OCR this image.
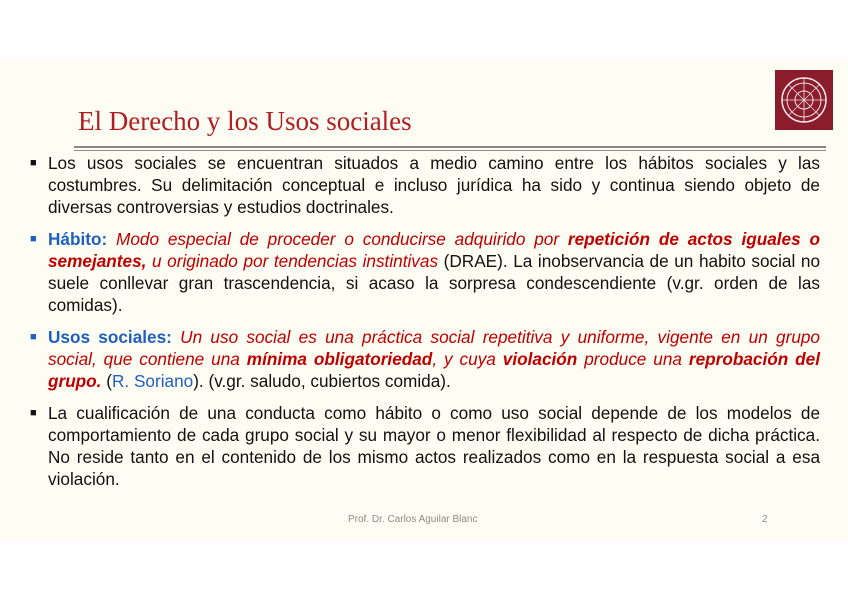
El Derecho y los Usos sociales
■ Los usos sociales se encuentran situados a medio camino entre los hábitos sociales y las costumbres. Su delimitación conceptual e incluso jurídica ha sido y continua siendo objeto de diversas controversias y estudios doctrinales.
■ Hábito: Modo especial de proceder o conducirse adquirido por repetición de actos iguales o semejantes, u originado por tendencias instintivas (DRAE). La inobservancia de un habito social no suele conllevar gran trascendencia, si acaso la sorpresa condescendiente (v.gr. orden de las comidas).
■ Usos sociales: Un uso social es una práctica social repetitiva y uniforme, vigente en un grupo social, que contiene una mínima obligatoriedad, y cuya violación produce una reprobación del grupo. (R. Soriano). (v.gr. saludo, cubiertos comida).
■ La cualificación de una conducta como hábito o como uso social depende de los modelos de comportamiento de cada grupo social y su mayor o menor flexibilidad al respecto de dicha práctica. No reside tanto en el contenido de los mismo actos realizados como en la respuesta social a esa violación.
Prof. Dr. Carlos Aguilar Blanc	2
